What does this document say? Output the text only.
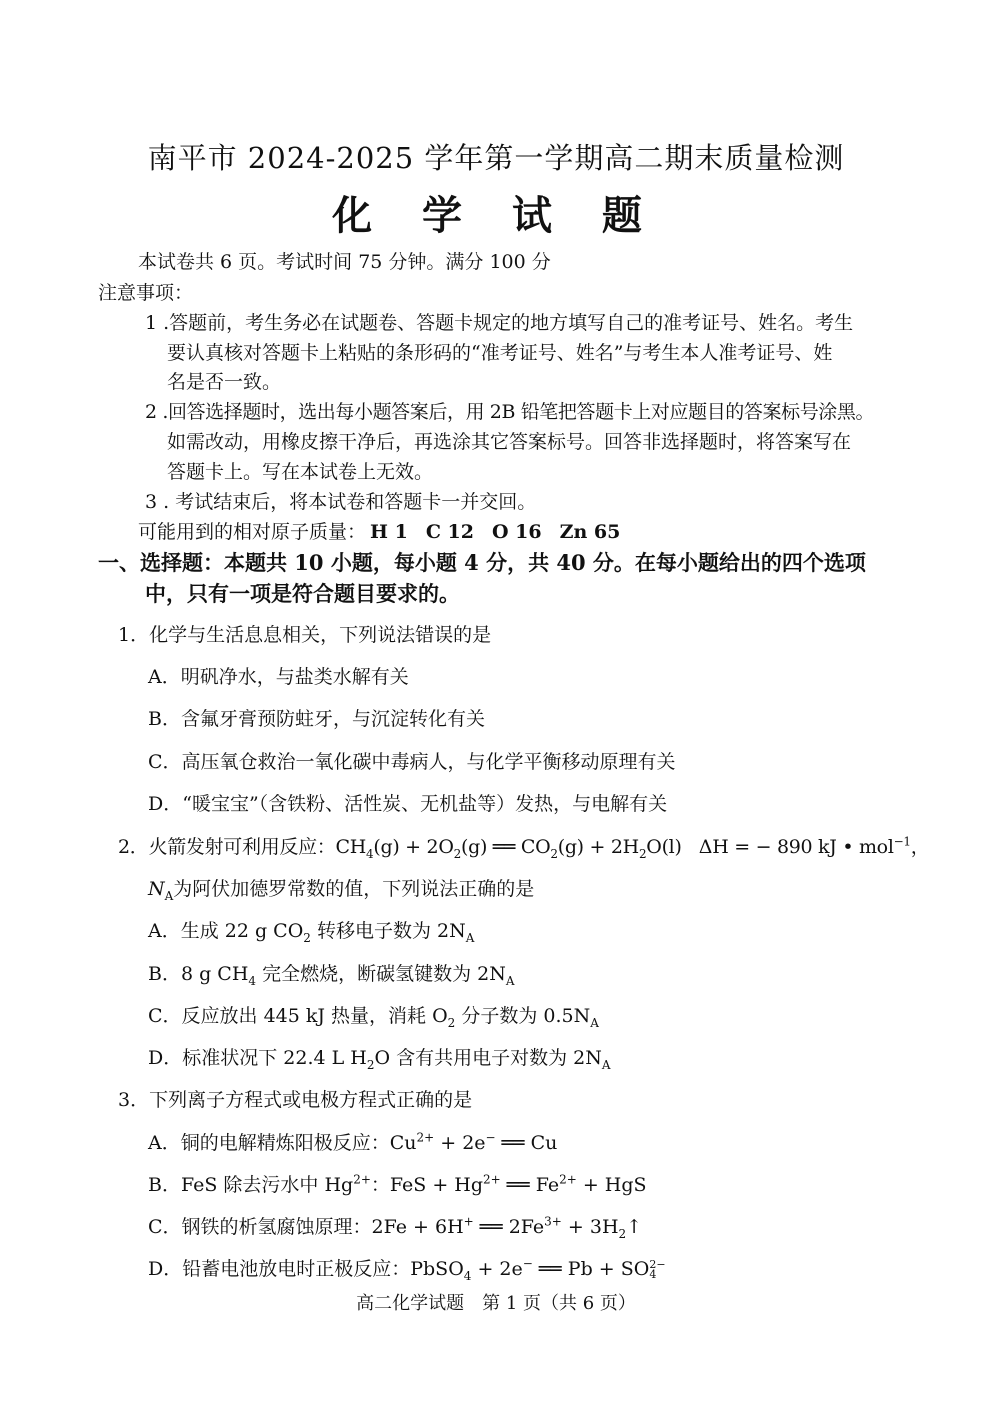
南平市 2024-2025 学年第一学期高二期末质量检测
化 学 试 题
本试卷共 6 页。考试时间 75 分钟。满分 100 分
注意事项：
1 .答题前，考生务必在试题卷、答题卡规定的地方填写自己的准考证号、姓名。考生
要认真核对答题卡上粘贴的条形码的“准考证号、姓名”与考生本人准考证号、姓
名是否一致。
2 .回答选择题时，选出每小题答案后，用 2B 铅笔把答题卡上对应题目的答案标号涂黑。
如需改动，用橡皮擦干净后，再选涂其它答案标号。回答非选择题时，将答案写在
答题卡上。写在本试卷上无效。
3 . 考试结束后，将本试卷和答题卡一并交回。
可能用到的相对原子质量： H 1 C 12 O 16 Zn 65
一、选择题：本题共 10 小题，每小题 4 分，共 40 分。在每小题给出的四个选项
中，只有一项是符合题目要求的。
1．化学与生活息息相关，下列说法错误的是
A．明矾净水，与盐类水解有关
B．含氟牙膏预防蛀牙，与沉淀转化有关
C．高压氧仓救治一氧化碳中毒病人，与化学平衡移动原理有关
D．“暖宝宝”（含铁粉、活性炭、无机盐等）发热，与电解有关
2．火箭发射可利用反应：$CH_4(g) + 2O_2(g)$ ══ $CO_2(g) + 2H_2O(l) \Delta H$ = − 890 kJ • mol$^{-1}$，
$N_A$为阿伏加德罗常数的值，下列说法正确的是
A．生成 22 g $CO_2$ 转移电子数为 $2N_A$
B．8 g $CH_4$ 完全燃烧，断碳氢键数为 $2N_A$
C．反应放出 445 kJ 热量，消耗 $O_2$ 分子数为 $0.5N_A$
D．标准状况下 22.4 L $H_2O$ 含有共用电子对数为 $2N_A$
3．下列离子方程式或电极方程式正确的是
A．铜的电解精炼阳极反应：$Cu^{2+} + 2e^-$ ══ Cu
B．FeS 除去污水中 $Hg^{2+}$：FeS + $Hg^{2+}$ ══ $Fe^{2+}$ + HgS
C．钢铁的析氢腐蚀原理：2Fe + 6H+ ══ $2Fe^{3+}$ + $3H_2↑$
D．铅蓄电池放电时正极反应：PbSO$_4$ + 2e− ══ Pb + SO 2−
4
高二化学试题　第 1 页（共 6 页）
